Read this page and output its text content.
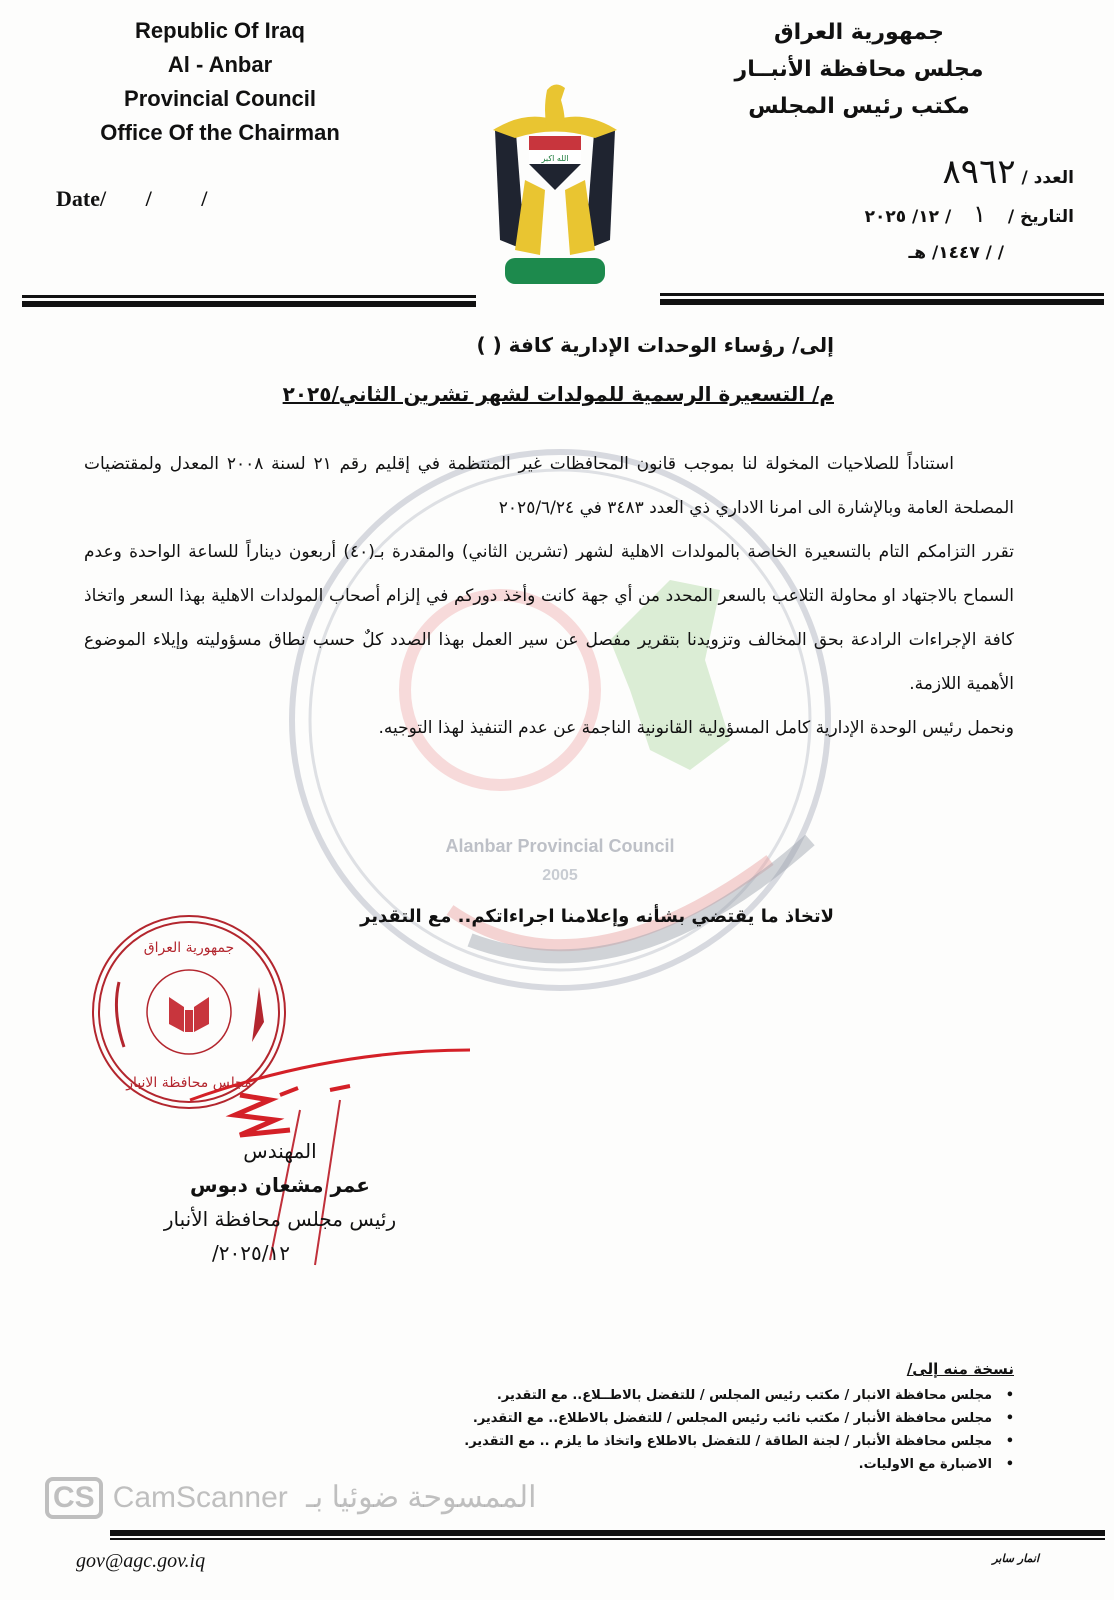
Alanbar Provincial Council
2005
Republic Of Iraq
Al - Anbar
Provincial Council
Office Of the Chairman
Date/ / /
الله اكبر
جمهورية العراق
مجلس محافظة الأنبــار
مكتب رئيس المجلس
العدد / ٨٩٦٢
التاريخ / ١ / ١٢/ ٢٠٢٥
/ / ١٤٤٧/ هـ
إلى/ رؤساء الوحدات الإدارية كافة ( )
م/ التسعيرة الرسمية للمولدات لشهر تشرين الثاني/٢٠٢٥

استناداً للصلاحيات المخولة لنا بموجب قانون المحافظات غير المنتظمة في إقليم رقم ٢١ لسنة ٢٠٠٨ المعدل ولمقتضيات المصلحة العامة وبالإشارة الى امرنا الاداري ذي العدد ٣٤٨٣ في ٢٠٢٥/٦/٢٤

تقرر التزامكم التام بالتسعيرة الخاصة بالمولدات الاهلية لشهر (تشرين الثاني) والمقدرة بـ(٤٠) أربعون ديناراً للساعة الواحدة وعدم السماح بالاجتهاد او محاولة التلاعب بالسعر المحدد من أي جهة كانت وأخذ دوركم في إلزام أصحاب المولدات الاهلية بهذا السعر واتخاذ كافة الإجراءات الرادعة بحق المخالف وتزويدنا بتقرير مفصل عن سير العمل بهذا الصدد كلٌ حسب نطاق مسؤوليته وإيلاء الموضوع الأهمية اللازمة.

ونحمل رئيس الوحدة الإدارية كامل المسؤولية القانونية الناجمة عن عدم التنفيذ لهذا التوجيه.

لاتخاذ ما يقتضي بشأنه وإعلامنا اجراءاتكم.. مع التقدير
جمهورية العراق
مجلس محافظة الانبار
المهندس
عمر مشعان دبوس
رئيس مجلس محافظة الأنبار
٢٠٢٥/١٢/
نسخة منه إلى/
• مجلس محافظة الانبار / مكتب رئيس المجلس / للتفضل بالاطــلاع.. مع التقدير.
• مجلس محافظة الأنبار / مكتب نائب رئيس المجلس / للتفضل بالاطلاع.. مع التقدير.
• مجلس محافظة الأنبار / لجنة الطاقة / للتفضل بالاطلاع واتخاذ ما يلزم .. مع التقدير.
• الاضبارة مع الاوليات.
CS CamScanner الممسوحة ضوئيا بـ
gov@agc.gov.iq	انمار سابر
